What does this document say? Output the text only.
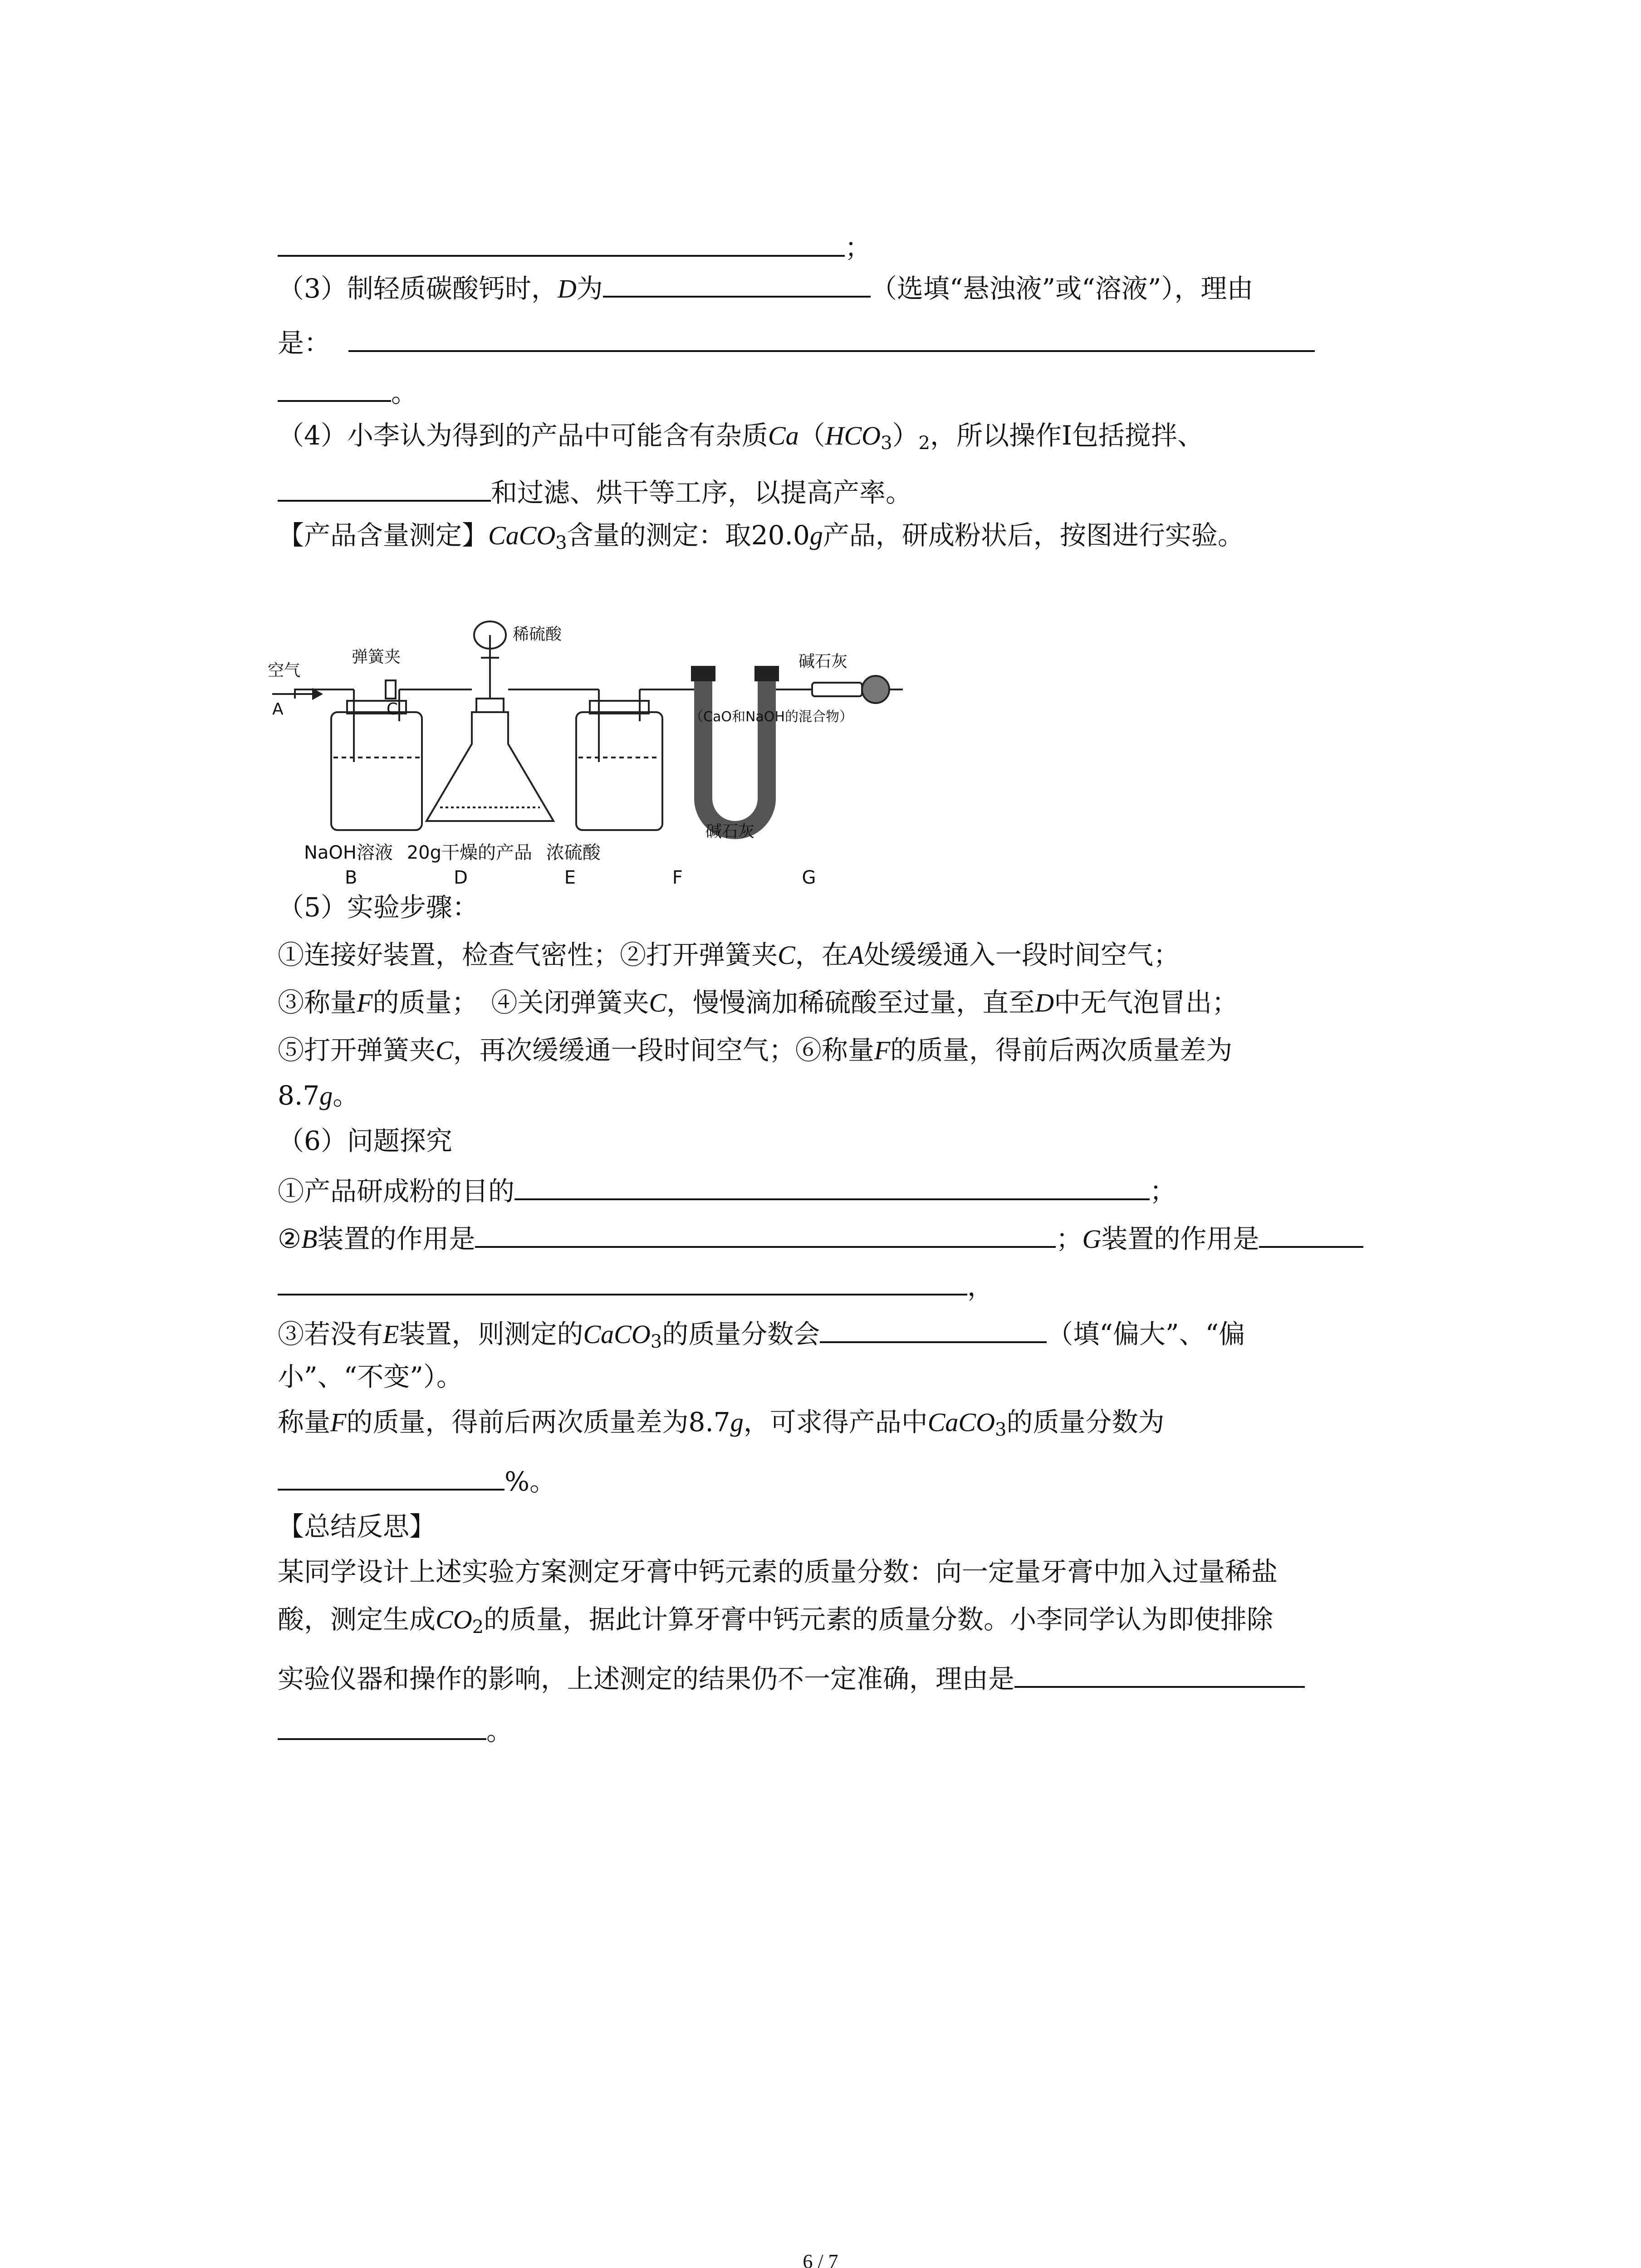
；
（3）制轻质碳酸钙时，D为	（选填“悬浊液”或“溶液”），理由
是：
。
（4）小李认为得到的产品中可能含有杂质$Ca(HCO_3)_2$，所以操作Ⅰ包括搅拌、
和过滤、烘干等工序，以提高产率。
【产品含量测定】CaCO$_3$含量的测定：取20.0g产品，研成粉状后，按图进行实验。
空气
A
弹簧夹
C
稀硫酸
碱石灰
（CaO和NaOH的混合物）
碱石灰
NaOH溶液 20g干燥的产品 浓硫酸
B	D	E	F	G
（5）实验步骤：
①连接好装置，检查气密性；②打开弹簧夹C，在A处缓缓通入一段时间空气；
③称量F的质量；　④关闭弹簧夹C，慢慢滴加稀硫酸至过量，直至D中无气泡冒出；
⑤打开弹簧夹C，再次缓缓通一段时间空气；⑥称量F的质量，得前后两次质量差为
8.7g。
（6）问题探究
①产品研成粉的目的	；
②B装置的作用是	；G装置的作用是
，
③若没有E装置，则测定的CaCO$_3$的质量分数会	（填“偏大”、“偏
小”、“不变”）。
称量F的质量，得前后两次质量差为8.7g，可求得产品中CaCO$_3$的质量分数为
%。
【总结反思】
某同学设计上述实验方案测定牙膏中钙元素的质量分数：向一定量牙膏中加入过量稀盐
酸，测定生成$CO_2$的质量，据此计算牙膏中钙元素的质量分数。小李同学认为即使排除
实验仪器和操作的影响，上述测定的结果仍不一定准确，理由是
。
6 / 7
